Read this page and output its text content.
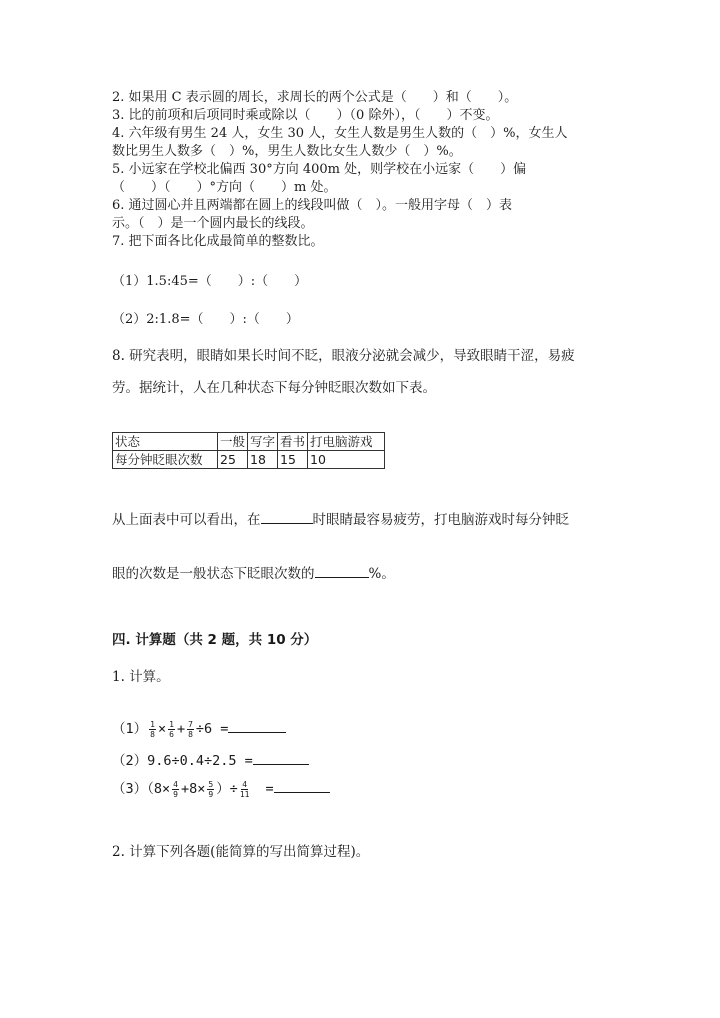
2. 如果用 C 表示圆的周长，求周长的两个公式是（　　）和（　　）。
3. 比的前项和后项同时乘或除以（　　）（0 除外），（　　）不变。
4. 六年级有男生 24 人，女生 30 人，女生人数是男生人数的（　）%，女生人
数比男生人数多（　）%，男生人数比女生人数少（　）%。
5. 小远家在学校北偏西 30°方向 400m 处，则学校在小远家（　　）偏
（　　）（　　）°方向（　　）m 处。
6. 通过圆心并且两端都在圆上的线段叫做（　）。一般用字母（　）表
示。（　）是一个圆内最长的线段。
7. 把下面各比化成最简单的整数比。
（1）1.5:45=（　　）:（　　）
（2）2:1.8=（　　）:（　　）
8. 研究表明，眼睛如果长时间不眨，眼液分泌就会减少，导致眼睛干涩，易疲
劳。据统计，人在几种状态下每分钟眨眼次数如下表。
状态	一般	写字	看书	打电脑游戏
每分钟眨眼次数	25	18	15	10
从上面表中可以看出，在	时眼睛最容易疲劳，打电脑游戏时每分钟眨
眼的次数是一般状态下眨眼次数的	%。
四. 计算题（共 2 题，共 10 分）
1. 计算。
$(1) \frac{1}{8} \times \frac{1}{6} + \frac{7}{8} \div 6$ =
（2）9.6÷0.4÷2.5 =
$(3)(8\times \frac{4}{9} +8\times \frac{5}{9}$ ）÷ $\frac{4}{11}$ =
2. 计算下列各题(能简算的写出简算过程)。
